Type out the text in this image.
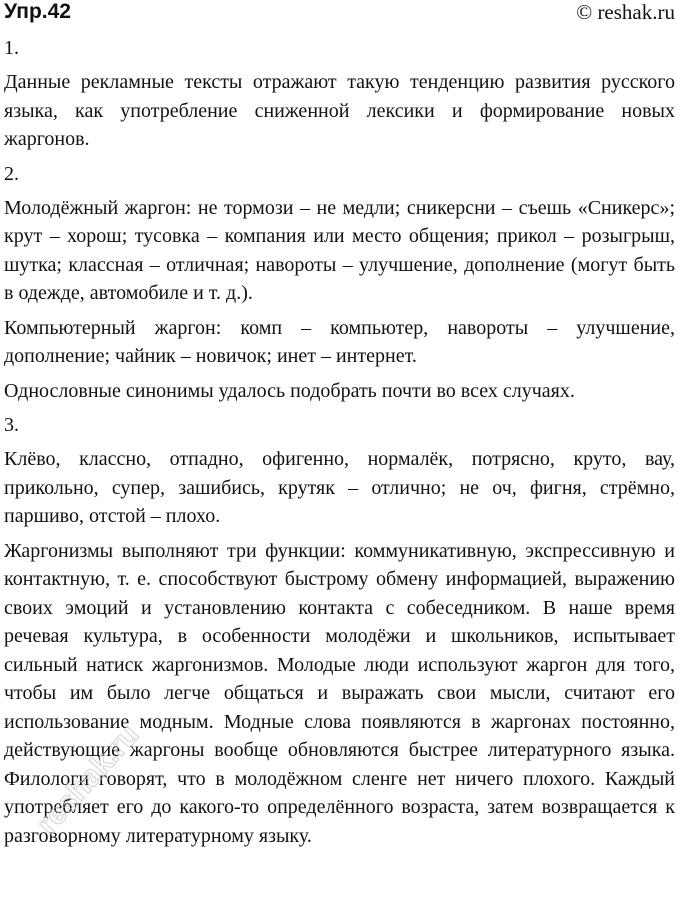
Упр.42	© reshak.ru

1.

Данные рекламные тексты отражают такую тенденцию развития русского языка, как употребление сниженной лексики и формирование новых жаргонов.

2.

Молодёжный жаргон: не тормози – не медли; сникерсни – съешь «Сникерс»; крут – хорош; тусовка – компания или место общения; прикол – розыгрыш, шутка; классная – отличная; навороты – улучшение, дополнение (могут быть в одежде, автомобиле и т. д.).

Компьютерный жаргон: комп – компьютер, навороты – улучшение, дополнение; чайник – новичок; инет – интернет.

Однословные синонимы удалось подобрать почти во всех случаях.

3.

Клёво, классно, отпадно, офигенно, нормалёк, потрясно, круто, вау, прикольно, супер, зашибись, крутяк – отлично; не оч, фигня, стрёмно, паршиво, отстой – плохо.

Жаргонизмы выполняют три функции: коммуникативную, экспрессивную и контактную, т. е. способствуют быстрому обмену информацией, выражению своих эмоций и установлению контакта с собеседником. В наше время речевая культура, в особенности молодёжи и школьников, испытывает сильный натиск жаргонизмов. Молодые люди используют жаргон для того, чтобы им было легче общаться и выражать свои мысли, считают его использование модным. Модные слова появляются в жаргонах постоянно, действующие жаргоны вообще обновляются быстрее литературного языка. Филологи говорят, что в молодёжном сленге нет ничего плохого. Каждый употребляет его до какого-то определённого возраста, затем возвращается к разговорному литературному языку.

reshak.ru
